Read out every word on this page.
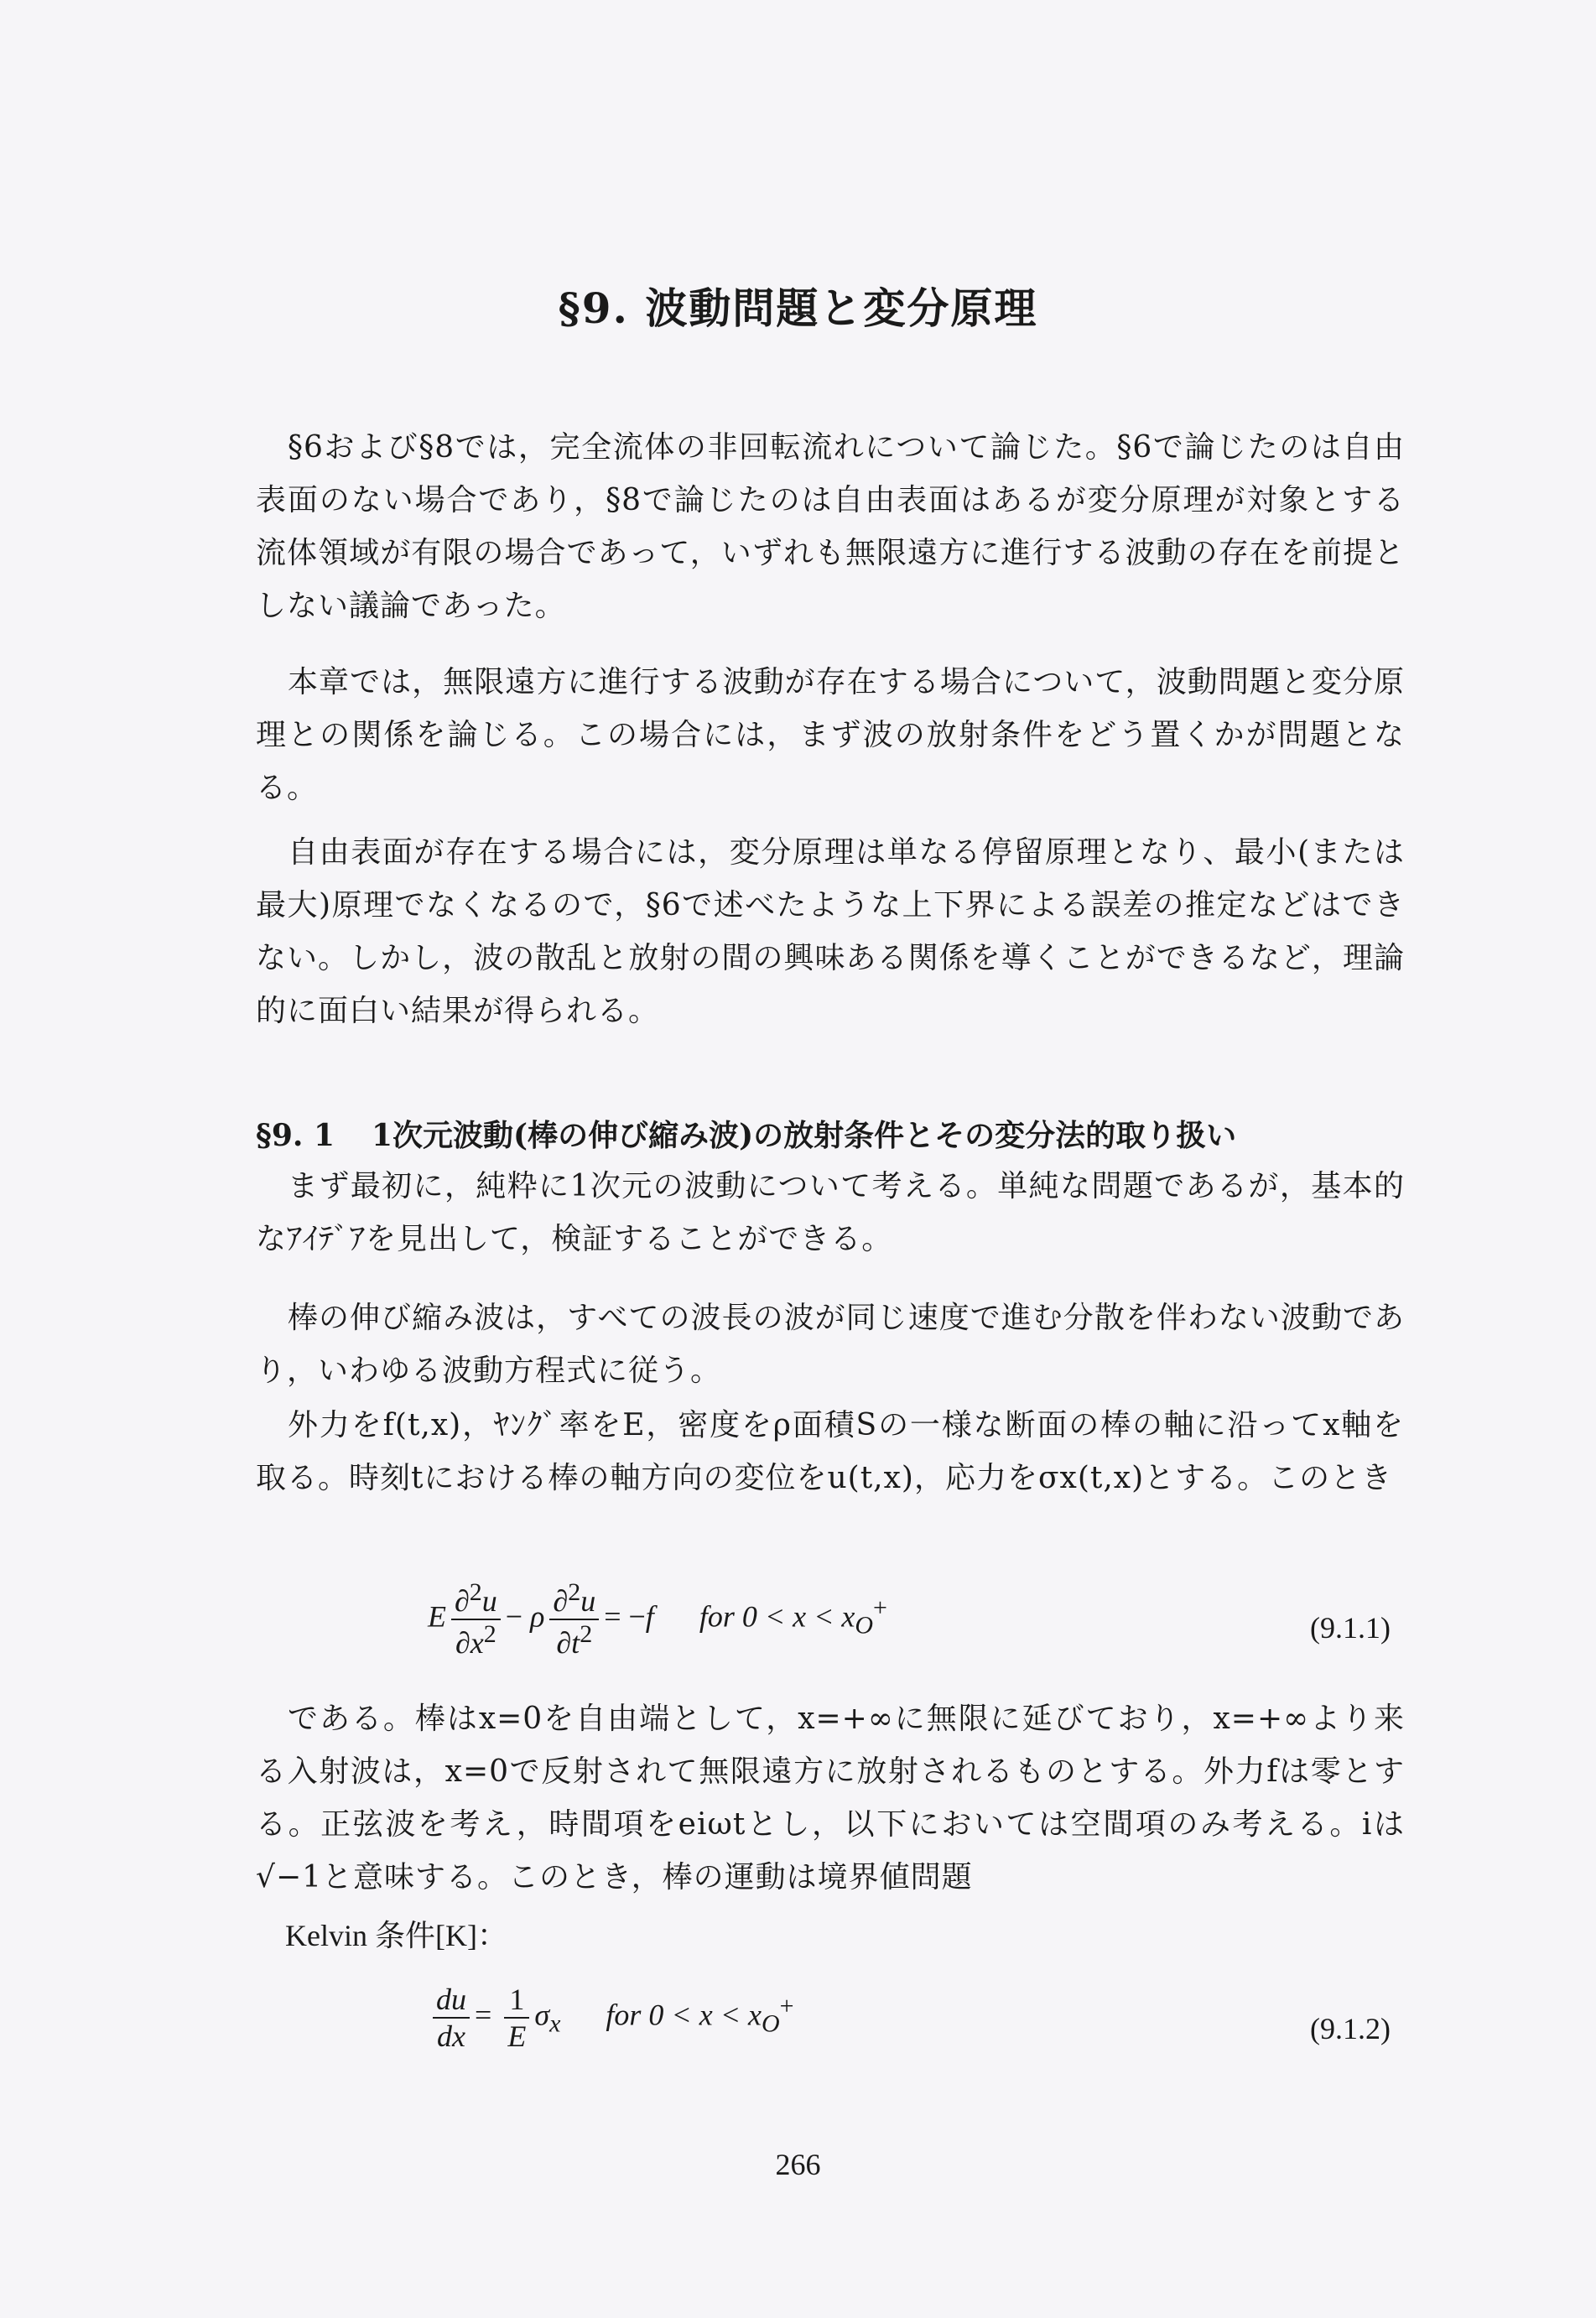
§9. 波動問題と変分原理

§6および§8では，完全流体の非回転流れについて論じた。§6で論じたのは自由表面のない場合であり，§8で論じたのは自由表面はあるが変分原理が対象とする流体領域が有限の場合であって，いずれも無限遠方に進行する波動の存在を前提としない議論であった。

本章では，無限遠方に進行する波動が存在する場合について，波動問題と変分原理との関係を論じる。この場合には，まず波の放射条件をどう置くかが問題となる。

自由表面が存在する場合には，変分原理は単なる停留原理となり、最小(または最大)原理でなくなるので，§6で述べたような上下界による誤差の推定などはできない。しかし，波の散乱と放射の間の興味ある関係を導くことができるなど，理論的に面白い結果が得られる。

§9. 1 1次元波動(棒の伸び縮み波)の放射条件とその変分法的取り扱い

まず最初に，純粋に1次元の波動について考える。単純な問題であるが，基本的なｱｲﾃﾞｱを見出して，検証することができる。

棒の伸び縮み波は，すべての波長の波が同じ速度で進む分散を伴わない波動であり，いわゆる波動方程式に従う。

外力をf(t,x)，ﾔﾝｸﾞ率をE，密度をρ面積Sの一様な断面の棒の軸に沿ってx軸を取る。時刻tにおける棒の軸方向の変位をu(t,x)，応力をσx(t,x)とする。このとき

E $\frac{\partial^2u}{\partial x^2} - \rho \frac{\partial^2u}{\partial t^2} = -f$ for $0 < x < x_O^+$
(9.1.1)

である。棒はx=0を自由端として，x=+∞に無限に延びており，x=+∞より来る入射波は，x=0で反射されて無限遠方に放射されるものとする。外力fは零とする。正弦波を考え，時間項をeiωtとし，以下においては空間項のみ考える。iは√−1と意味する。このとき，棒の運動は境界値問題

Kelvin 条件[K]：
$\frac{du}{dx} = \frac{1}{E} \sigma_x$ for $0 < x < x_O^+$
(9.1.2)
266
